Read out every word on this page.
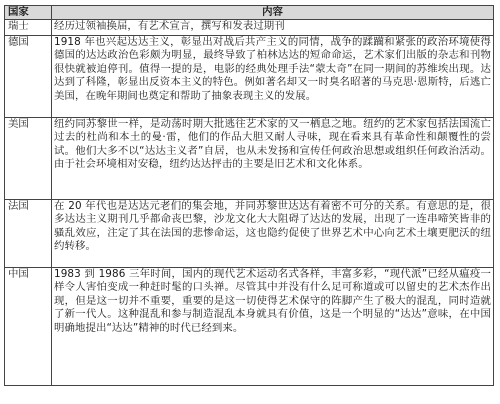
国家	内容
瑞士	经历过领袖换届，有艺术宣言，撰写和发表过期刊
德国	1918 年也兴起达达主义，彰显出对战后共产主义的同情，战争的蹂躏和紧张的政治环境使得德国的达达政治色彩颇为明显，最终导致了柏林达达的短命命运，艺术家们出版的杂志和刊物很快就被迫停刊。值得一提的是，电影的经典处理手法“蒙太奇”在同一期间的苏维埃出现。达达到了科隆，彰显出反资本主义的特色。例如著名却又一时臭名昭著的马克思·恩斯特，后逃亡美国，在晚年期间也奠定和帮助了抽象表现主义的发展。
美国	纽约同苏黎世一样，是动荡时期大批逃往艺术家的又一栖息之地。纽约的艺术家包括法国流亡过去的杜尚和本土的曼·雷，他们的作品大胆又耐人寻味，现在看来具有革命性和颠覆性的尝试。他们大多不以“达达主义者”自居，也从未发扬和宣传任何政治思想或组织任何政治活动。由于社会环境相对安稳，纽约达达抨击的主要是旧艺术和文化体系。
法国	在 20 年代也是达达元老们的集会地，并同苏黎世达达有着密不可分的关系。有意思的是，很多达达主义期刊几乎都命丧巴黎，沙龙文化大大阻碍了达达的发展，出现了一连串啼笑皆非的骚乱效应，注定了其在法国的悲惨命运，这也隐约促使了世界艺术中心向艺术土壤更肥沃的纽约转移。
中国	1983 到 1986 三年时间，国内的现代艺术运动名式各样，丰富多彩，“现代派”已经从瘟疫一样令人害怕变成一种赶时髦的口头禅。尽管其中并没有什么足可称道或可以留史的艺术杰作出现，但是这一切并不重要，重要的是这一切使得艺术保守的阵脚产生了极大的混乱，同时造就了新一代人。这种混乱和参与制造混乱本身就具有价值，这是一个明显的“达达”意味，在中国明确地提出“达达”精神的时代已经到来。
